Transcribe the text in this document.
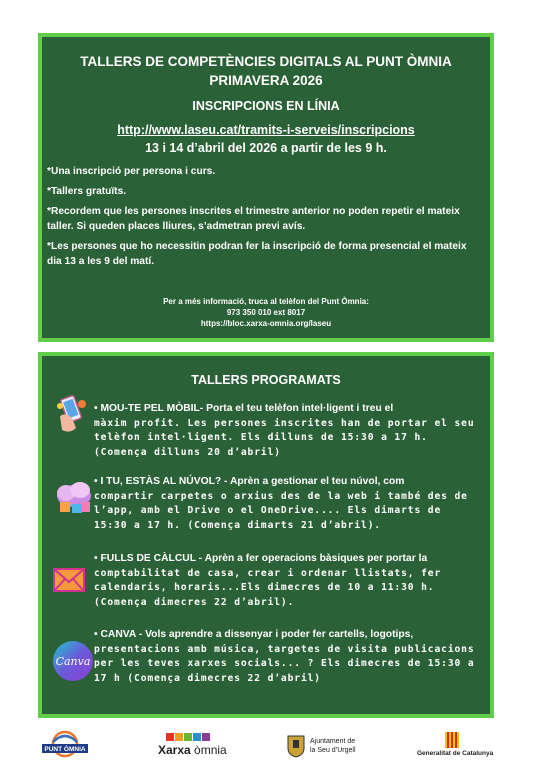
TALLERS DE COMPETÈNCIES DIGITALS AL PUNT ÒMNIA
PRIMAVERA 2026
INSCRIPCIONS EN LÍNIA
http://www.laseu.cat/tramits-i-serveis/inscripcions
13 i 14 d’abril del 2026 a partir de les 9 h.

*Una inscripció per persona i curs.

*Tallers gratuïts.

*Recordem que les persones inscrites el trimestre anterior no poden repetir el mateix taller. Si queden places lliures, s’admetran previ avís.

*Les persones que ho necessitin podran fer la inscripció de forma presencial el mateix dia 13 a les 9 del matí.

Per a més informació, truca al telèfon del Punt Òmnia:
973 350 010 ext 8017
https://bloc.xarxa-omnia.org/laseu
TALLERS PROGRAMATS
• MOU-TE PEL MÒBIL- Porta el teu telèfon intel·ligent i treu el
màxim profit. Les persones inscrites han de portar el seu telèfon intel·ligent. Els dilluns de 15:30 a 17 h. (Comença dilluns 20 d’abril)
• I TU, ESTÀS AL NÚVOL? - Aprèn a gestionar el teu núvol, com
compartir carpetes o arxius des de la web i també des de l’app, amb el Drive o el OneDrive.... Els dimarts de 15:30 a 17 h. (Comença dimarts 21 d’abril).
• FULLS DE CÀLCUL - Aprèn a fer operacions bàsiques per portar la
comptabilitat de casa, crear i ordenar llistats, fer calendaris, horaris...Els dimecres de 10 a 11:30 h. (Comença dimecres 22 d’abril).
Canva
• CANVA - Vols aprendre a dissenyar i poder fer cartells, logotips,
presentacions amb música, targetes de visita publicacions per les teves xarxes socials... ? Els dimecres de 15:30 a 17 h (Comença dimecres 22 d’abril)
PUNT ÒMNIA	Xarxa òmnia
Ajuntament de
la Seu d’Urgell	Generalitat de Catalunya
